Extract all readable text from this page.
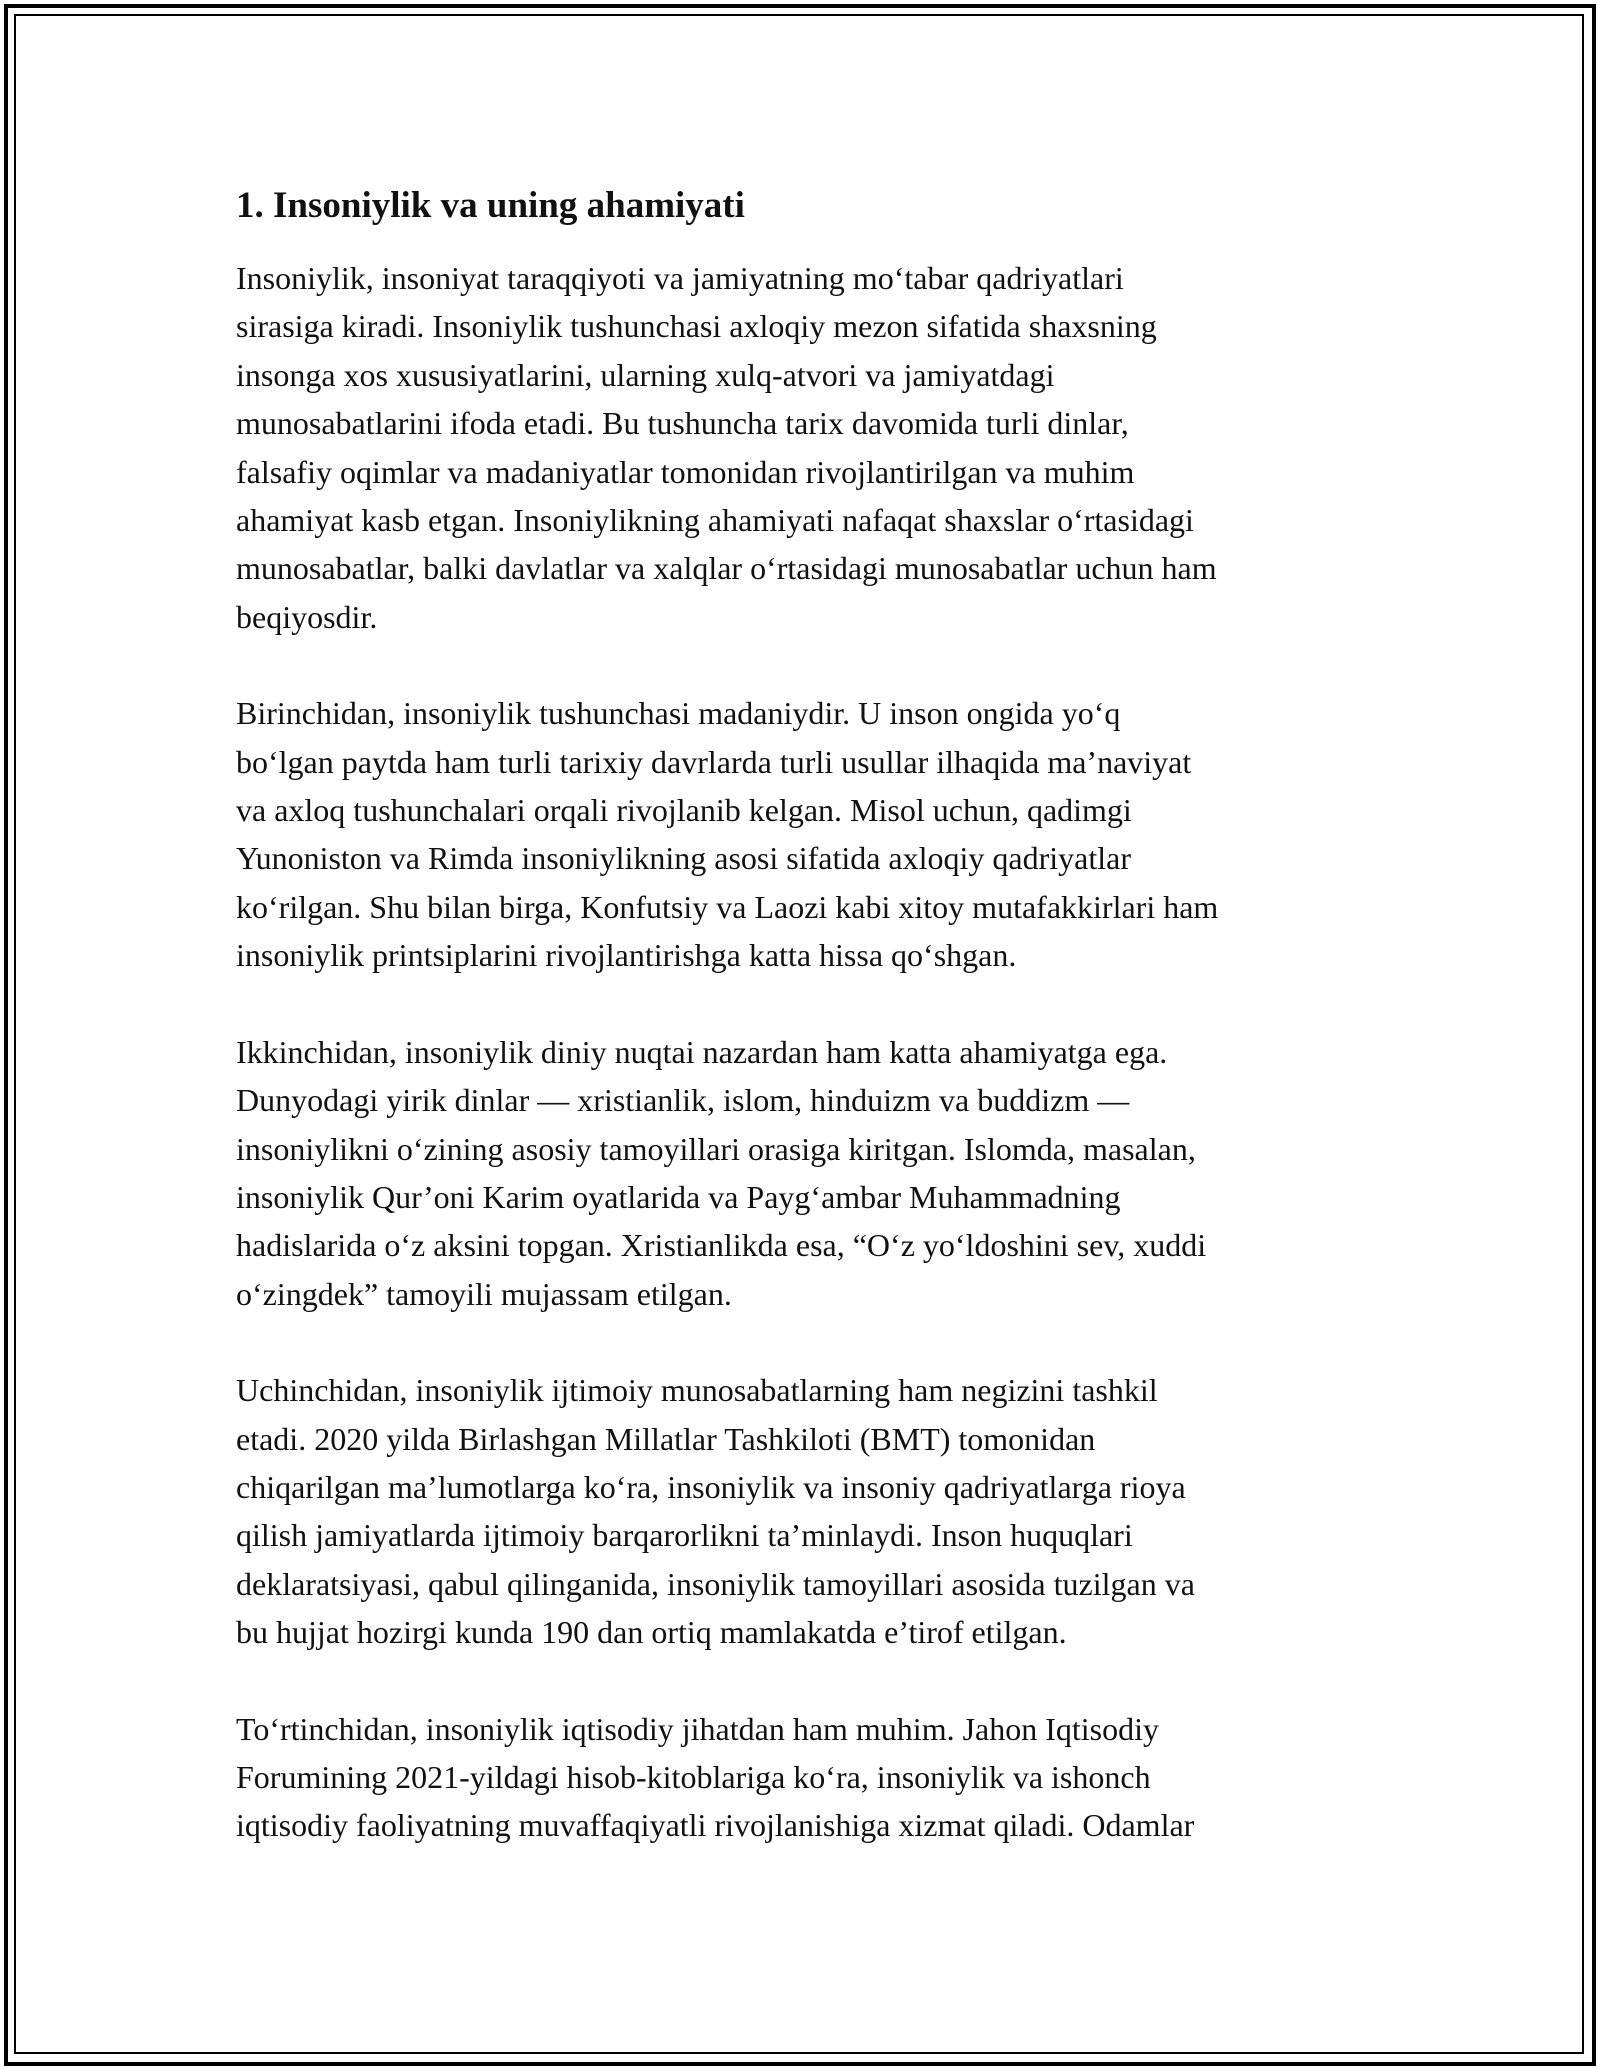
1. Insoniylik va uning ahamiyati
Insoniylik, insoniyat taraqqiyoti va jamiyatning mo‘tabar qadriyatlari
sirasiga kiradi. Insoniylik tushunchasi axloqiy mezon sifatida shaxsning
insonga xos xususiyatlarini, ularning xulq-atvori va jamiyatdagi
munosabatlarini ifoda etadi. Bu tushuncha tarix davomida turli dinlar,
falsafiy oqimlar va madaniyatlar tomonidan rivojlantirilgan va muhim
ahamiyat kasb etgan. Insoniylikning ahamiyati nafaqat shaxslar o‘rtasidagi
munosabatlar, balki davlatlar va xalqlar o‘rtasidagi munosabatlar uchun ham
beqiyosdir.
Birinchidan, insoniylik tushunchasi madaniydir. U inson ongida yo‘q
bo‘lgan paytda ham turli tarixiy davrlarda turli usullar ilhaqida ma’naviyat
va axloq tushunchalari orqali rivojlanib kelgan. Misol uchun, qadimgi
Yunoniston va Rimda insoniylikning asosi sifatida axloqiy qadriyatlar
ko‘rilgan. Shu bilan birga, Konfutsiy va Laozi kabi xitoy mutafakkirlari ham
insoniylik printsiplarini rivojlantirishga katta hissa qo‘shgan.
Ikkinchidan, insoniylik diniy nuqtai nazardan ham katta ahamiyatga ega.
Dunyodagi yirik dinlar — xristianlik, islom, hinduizm va buddizm —
insoniylikni o‘zining asosiy tamoyillari orasiga kiritgan. Islomda, masalan,
insoniylik Qur’oni Karim oyatlarida va Payg‘ambar Muhammadning
hadislarida o‘z aksini topgan. Xristianlikda esa, “O‘z yo‘ldoshini sev, xuddi
o‘zingdek” tamoyili mujassam etilgan.
Uchinchidan, insoniylik ijtimoiy munosabatlarning ham negizini tashkil
etadi. 2020 yilda Birlashgan Millatlar Tashkiloti (BMT) tomonidan
chiqarilgan ma’lumotlarga ko‘ra, insoniylik va insoniy qadriyatlarga rioya
qilish jamiyatlarda ijtimoiy barqarorlikni ta’minlaydi. Inson huquqlari
deklaratsiyasi, qabul qilinganida, insoniylik tamoyillari asosida tuzilgan va
bu hujjat hozirgi kunda 190 dan ortiq mamlakatda e’tirof etilgan.
To‘rtinchidan, insoniylik iqtisodiy jihatdan ham muhim. Jahon Iqtisodiy
Forumining 2021-yildagi hisob-kitoblariga ko‘ra, insoniylik va ishonch
iqtisodiy faoliyatning muvaffaqiyatli rivojlanishiga xizmat qiladi. Odamlar
